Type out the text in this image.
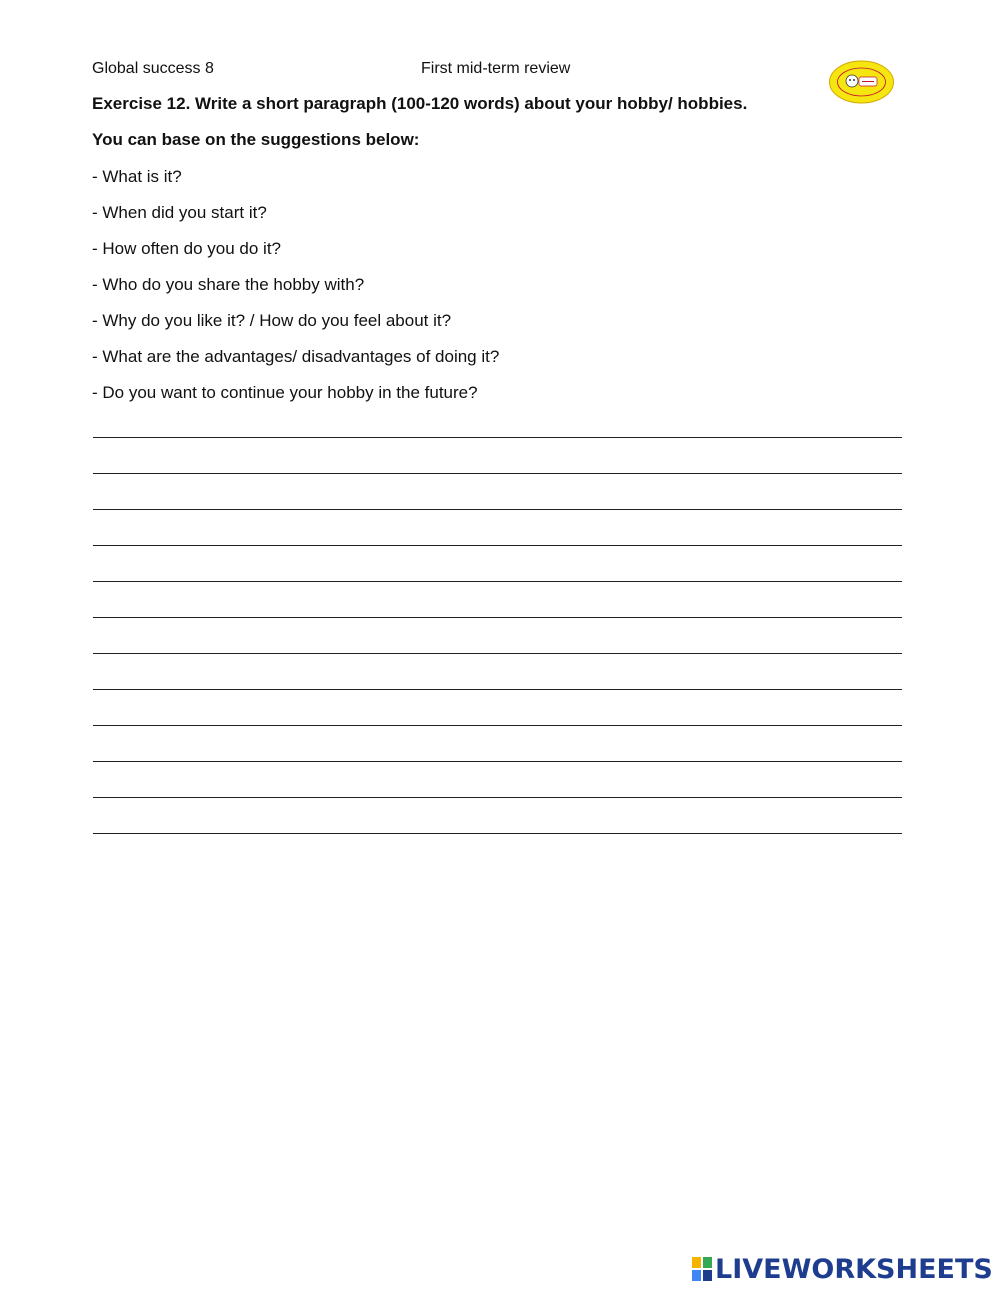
Global success 8	First mid-term review
Exercise 12. Write a short paragraph (100-120 words) about your hobby/ hobbies.
You can base on the suggestions below:
- What is it?
- When did you start it?
- How often do you do it?
- Who do you share the hobby with?
- Why do you like it? / How do you feel about it?
- What are the advantages/ disadvantages of doing it?
- Do you want to continue your hobby in the future?
LIVEWORKSHEETS
